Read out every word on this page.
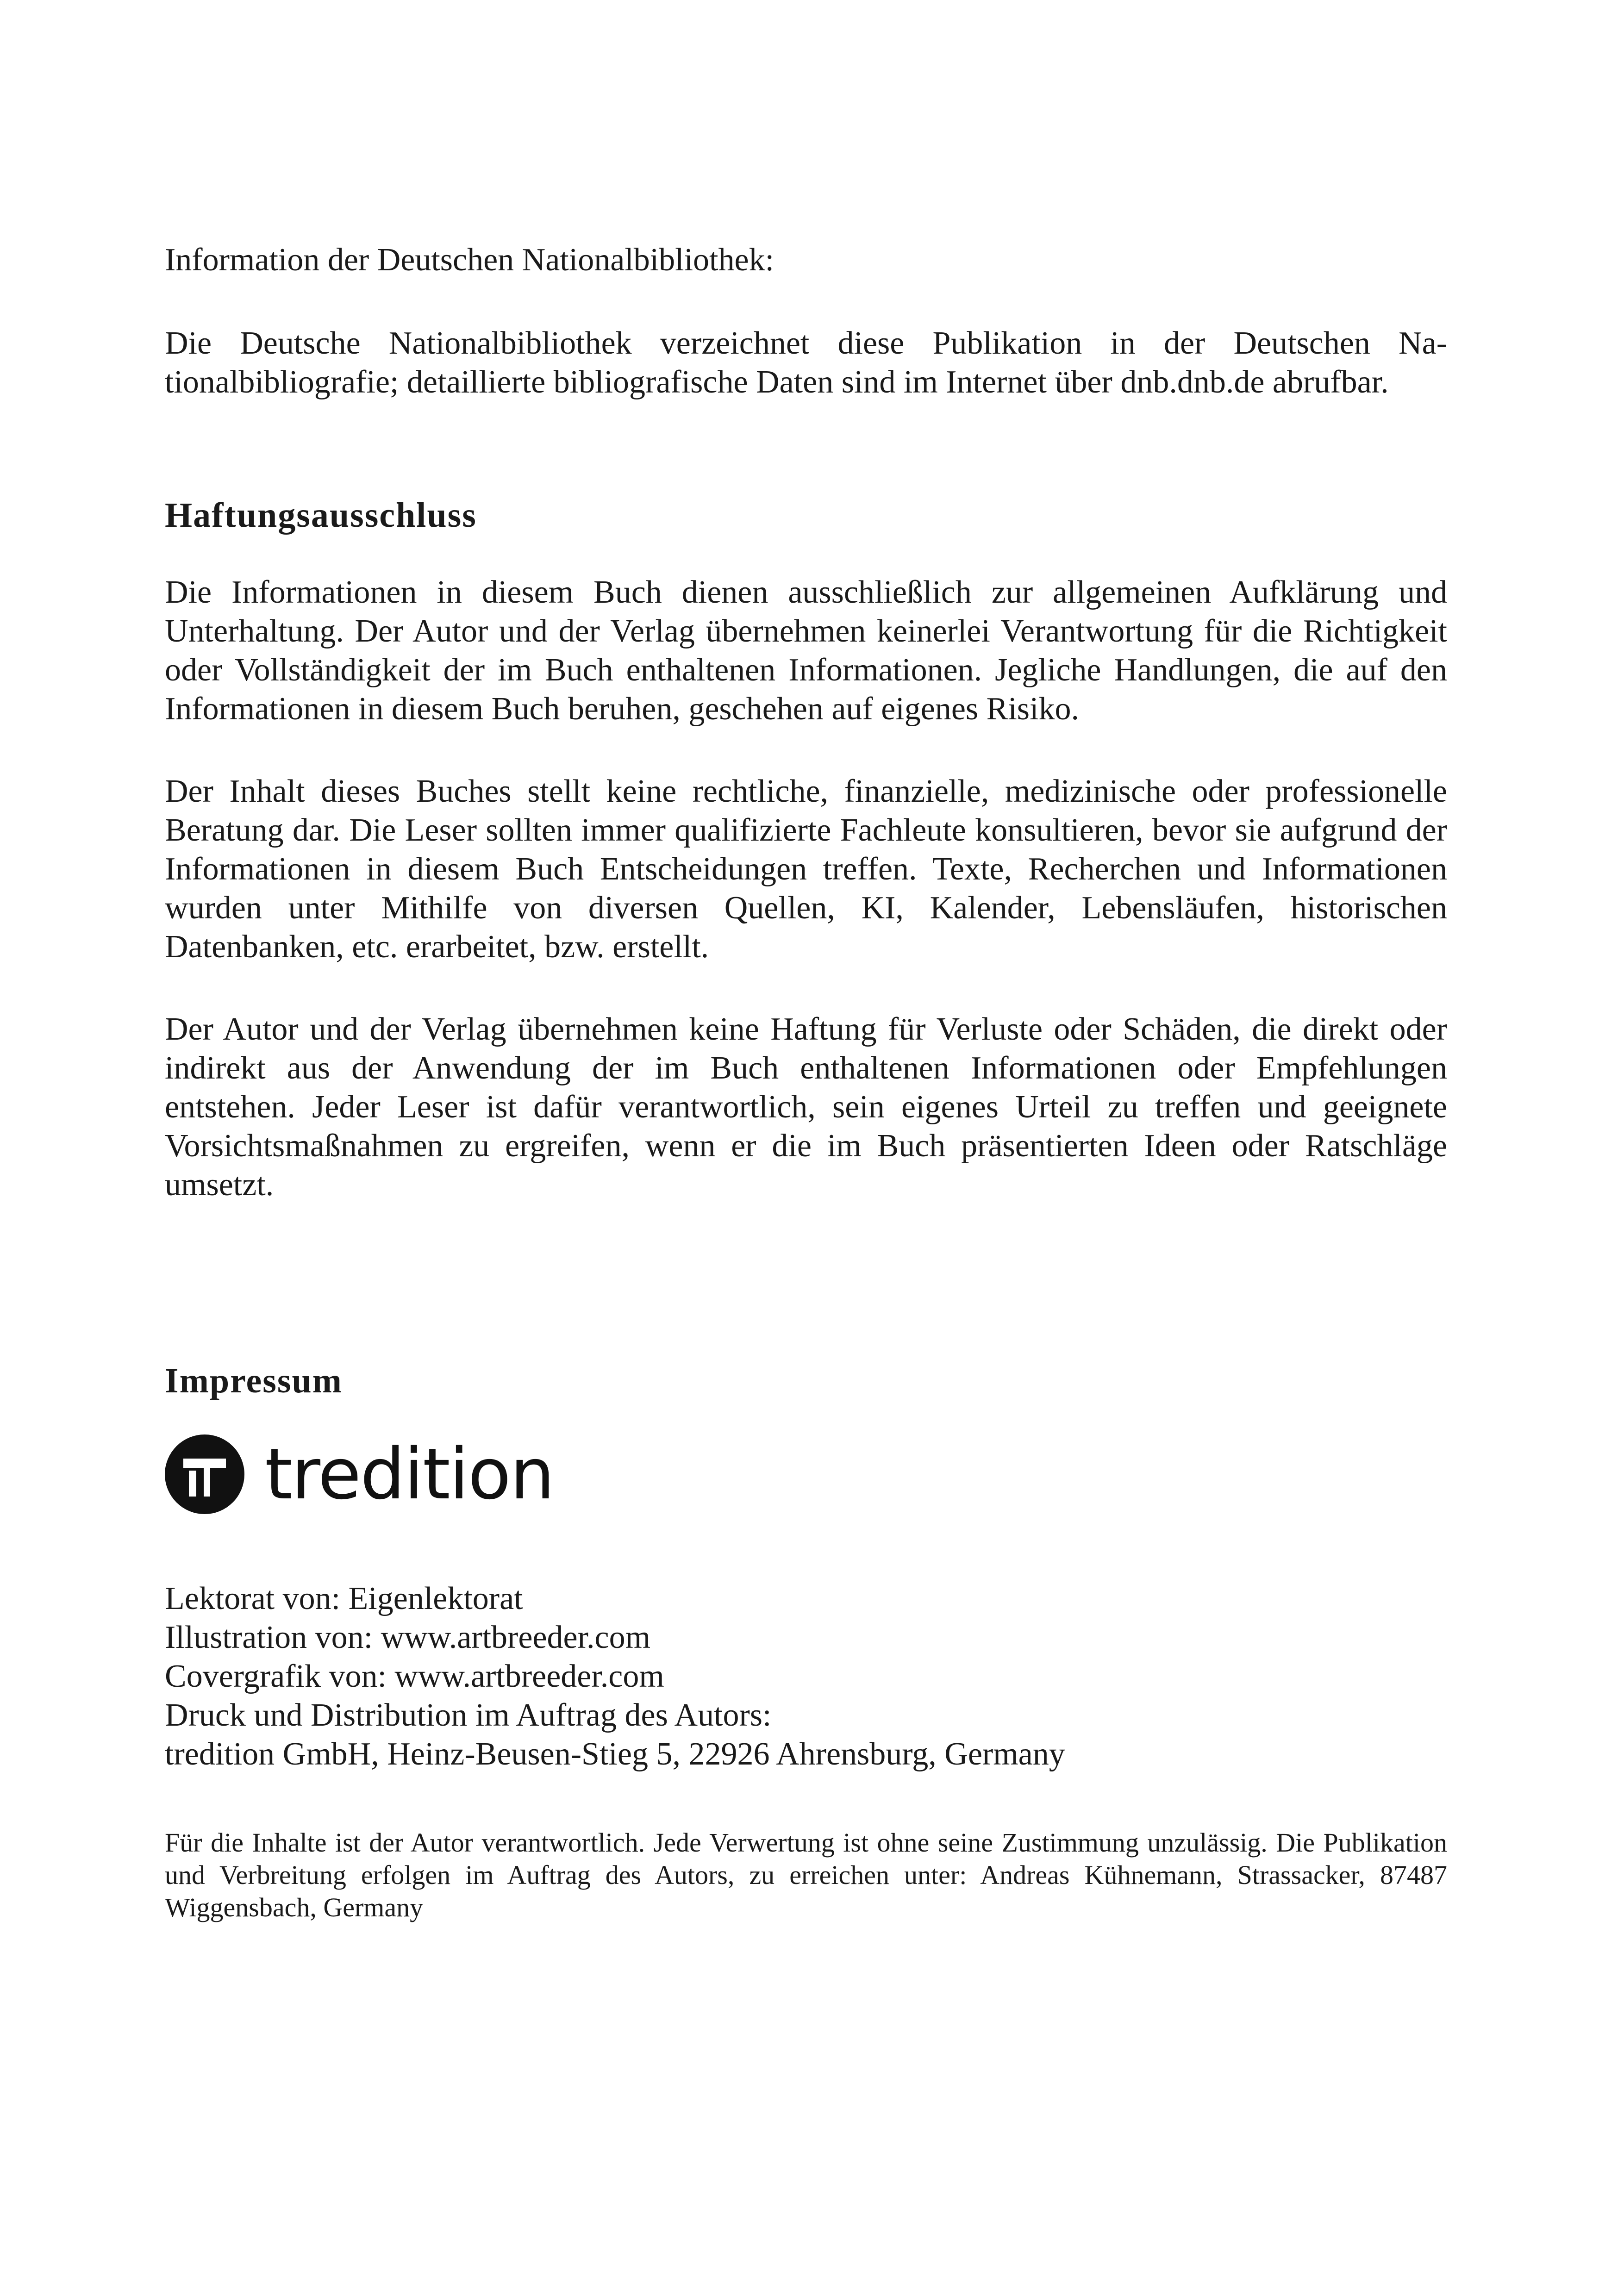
Information der Deutschen Nationalbibliothek:

Die Deutsche Nationalbibliothek verzeichnet diese Publikation in der Deutschen Nationalbibliografie; detaillierte bibliografische Daten sind im Internet über dnb.dnb.de abrufbar.

Haftungsausschluss

Die Informationen in diesem Buch dienen ausschließlich zur allgemeinen Aufklärung und Unterhaltung. Der Autor und der Verlag übernehmen keinerlei Verantwortung für die Richtigkeit oder Vollständigkeit der im Buch enthaltenen Informationen. Jegliche Handlungen, die auf den Informationen in diesem Buch beruhen, geschehen auf eigenes Risiko.

Der Inhalt dieses Buches stellt keine rechtliche, finanzielle, medizinische oder professionelle Beratung dar. Die Leser sollten immer qualifizierte Fachleute konsultieren, bevor sie aufgrund der Informationen in diesem Buch Entscheidungen treffen. Texte, Recherchen und Informationen wurden unter Mithilfe von diversen Quellen, KI, Kalender, Lebensläufen, historischen Datenbanken, etc. erarbeitet, bzw. erstellt.

Der Autor und der Verlag übernehmen keine Haftung für Verluste oder Schäden, die direkt oder indirekt aus der Anwendung der im Buch enthaltenen Informationen oder Empfehlungen entstehen. Jeder Leser ist dafür verantwortlich, sein eigenes Urteil zu treffen und geeignete Vorsichtsmaßnahmen zu ergreifen, wenn er die im Buch präsentierten Ideen oder Ratschläge umsetzt.

Impressum
tredition
Lektorat von: Eigenlektorat
Illustration von: www.artbreeder.com
Covergrafik von: www.artbreeder.com
Druck und Distribution im Auftrag des Autors:
tredition GmbH, Heinz-Beusen-Stieg 5, 22926 Ahrensburg, Germany

Für die Inhalte ist der Autor verantwortlich. Jede Verwertung ist ohne seine Zustimmung unzulässig. Die Publikation und Verbreitung erfolgen im Auftrag des Autors, zu erreichen unter: Andreas Kühnemann, Strassacker, 87487 Wiggensbach, Germany
